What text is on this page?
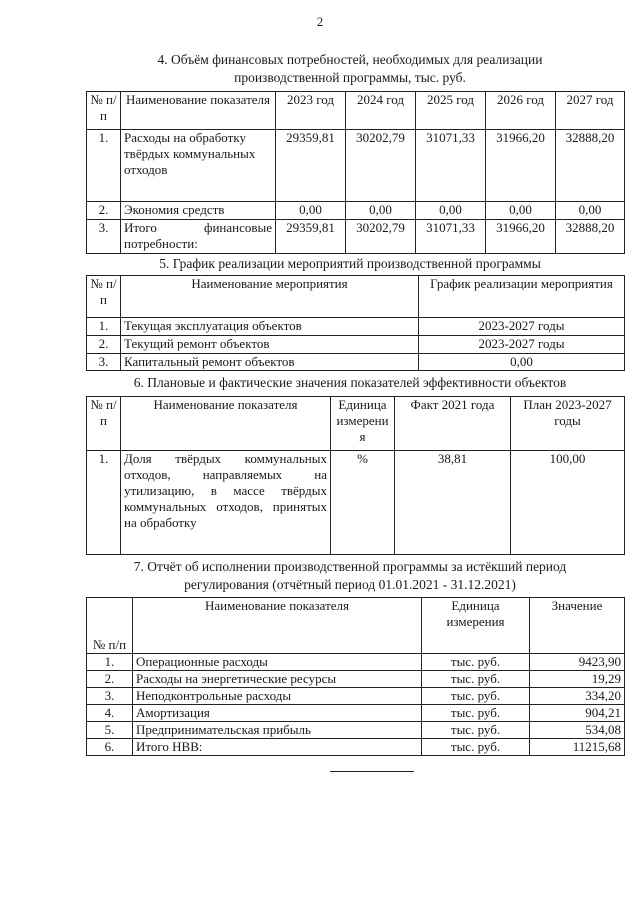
2
4. Объём финансовых потребностей, необходимых для реализации
производственной программы, тыс. руб.
№ п/п	Наименование показателя	2023 год	2024 год	2025 год	2026 год	2027 год
1.	Расходы на обработку твёрдых коммунальных отходов	29359,81	30202,79	31071,33	31966,20	32888,20
2.	Экономия средств	0,00	0,00	0,00	0,00	0,00
3.	Итого финансовые потребности:	29359,81	30202,79	31071,33	31966,20	32888,20
5. График реализации мероприятий производственной программы
№ п/п	Наименование мероприятия	График реализации мероприятия
1.	Текущая эксплуатация объектов	2023-2027 годы
2.	Текущий ремонт объектов	2023-2027 годы
3.	Капитальный ремонт объектов	0,00
6. Плановые и фактические значения показателей эффективности объектов
№ п/п	Наименование показателя	Единица измерения	Факт 2021 года	План 2023-2027 годы
1.	Доля твёрдых коммунальных отходов, направляемых на утилизацию, в массе твёрдых коммунальных отходов, принятых на обработку	%	38,81	100,00
7. Отчёт об исполнении производственной программы за истёкший период
регулирования (отчётный период 01.01.2021 - 31.12.2021)
№ п/п	Наименование показателя	Единица измерения	Значение
1.	Операционные расходы	тыс. руб.	9423,90
2.	Расходы на энергетические ресурсы	тыс. руб.	19,29
3.	Неподконтрольные расходы	тыс. руб.	334,20
4.	Амортизация	тыс. руб.	904,21
5.	Предпринимательская прибыль	тыс. руб.	534,08
6.	Итого НВВ:	тыс. руб.	11215,68
